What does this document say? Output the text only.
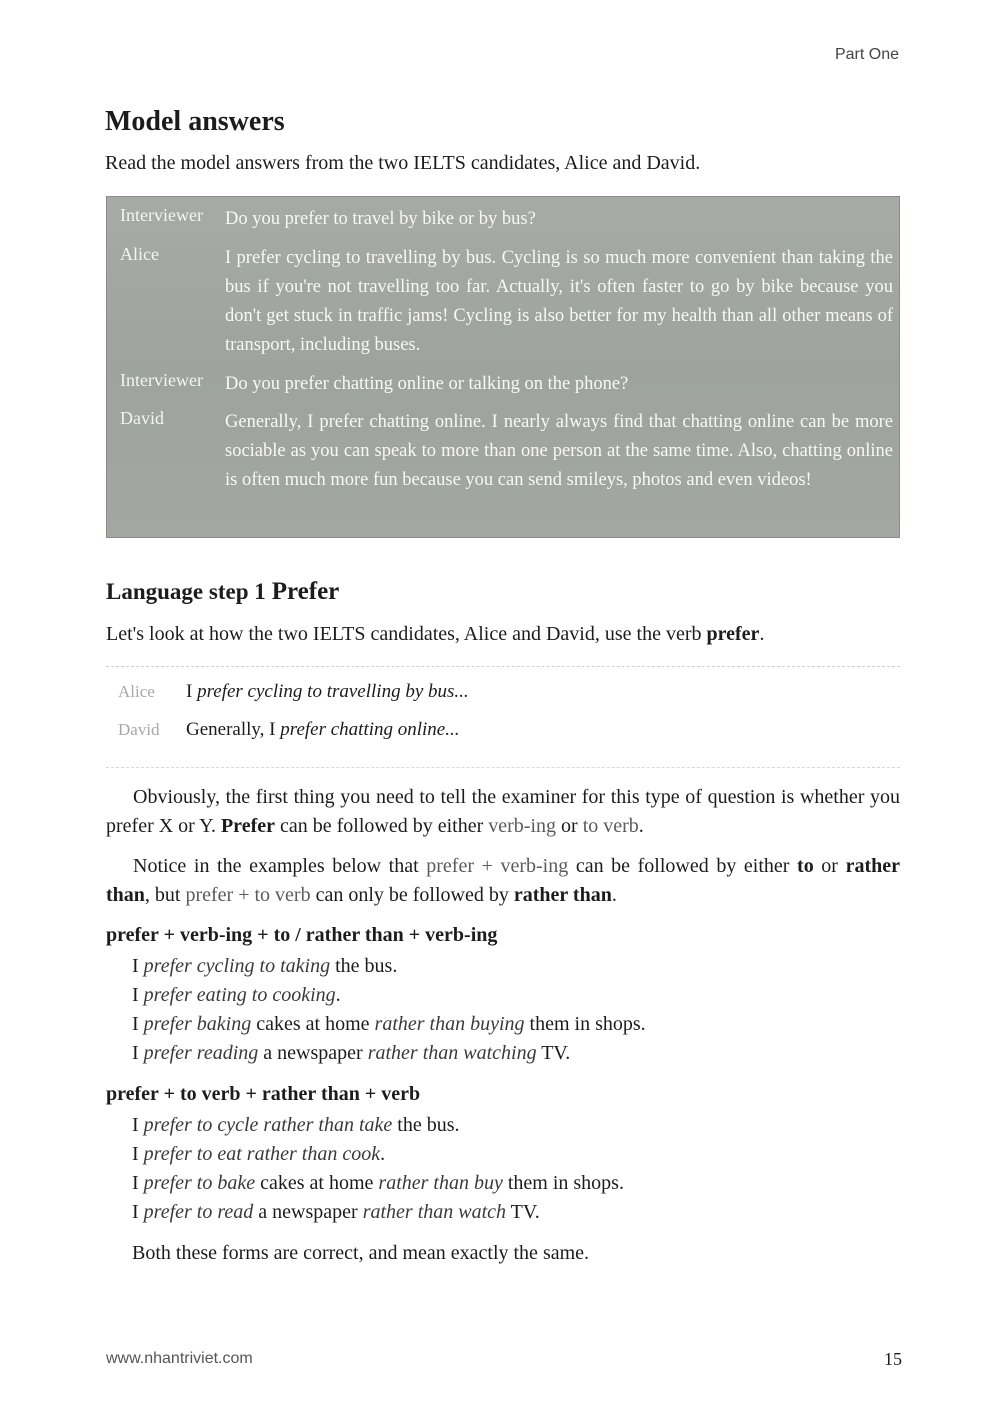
Part One
Model answers

Read the model answers from the two IELTS candidates, Alice and David.

Interviewer Do you prefer to travel by bike or by bus?
Alice	I prefer cycling to travelling by bus. Cycling is so much more convenient than taking the bus if you're not travelling too far. Actually, it's often faster to go by bike because you don't get stuck in traffic jams! Cycling is also better for my health than all other means of transport, including buses.
Interviewer Do you prefer chatting online or talking on the phone?
David	Generally, I prefer chatting online. I nearly always find that chatting online can be more sociable as you can speak to more than one person at the same time. Also, chatting online is often much more fun because you can send smileys, photos and even videos!
Language step 1 Prefer

Let's look at how the two IELTS candidates, Alice and David, use the verb prefer.

Alice I prefer cycling to travelling by bus...
David Generally, I prefer chatting online...

Obviously, the first thing you need to tell the examiner for this type of question is whether you prefer X or Y. Prefer can be followed by either verb-ing or to verb.

Notice in the examples below that prefer + verb-ing can be followed by either to or rather than, but prefer + to verb can only be followed by rather than.

prefer + verb-ing + to / rather than + verb-ing

I prefer cycling to taking the bus.

I prefer eating to cooking.

I prefer baking cakes at home rather than buying them in shops.

I prefer reading a newspaper rather than watching TV.

prefer + to verb + rather than + verb

I prefer to cycle rather than take the bus.

I prefer to eat rather than cook.

I prefer to bake cakes at home rather than buy them in shops.

I prefer to read a newspaper rather than watch TV.

Both these forms are correct, and mean exactly the same.

www.nhantriviet.com	15
